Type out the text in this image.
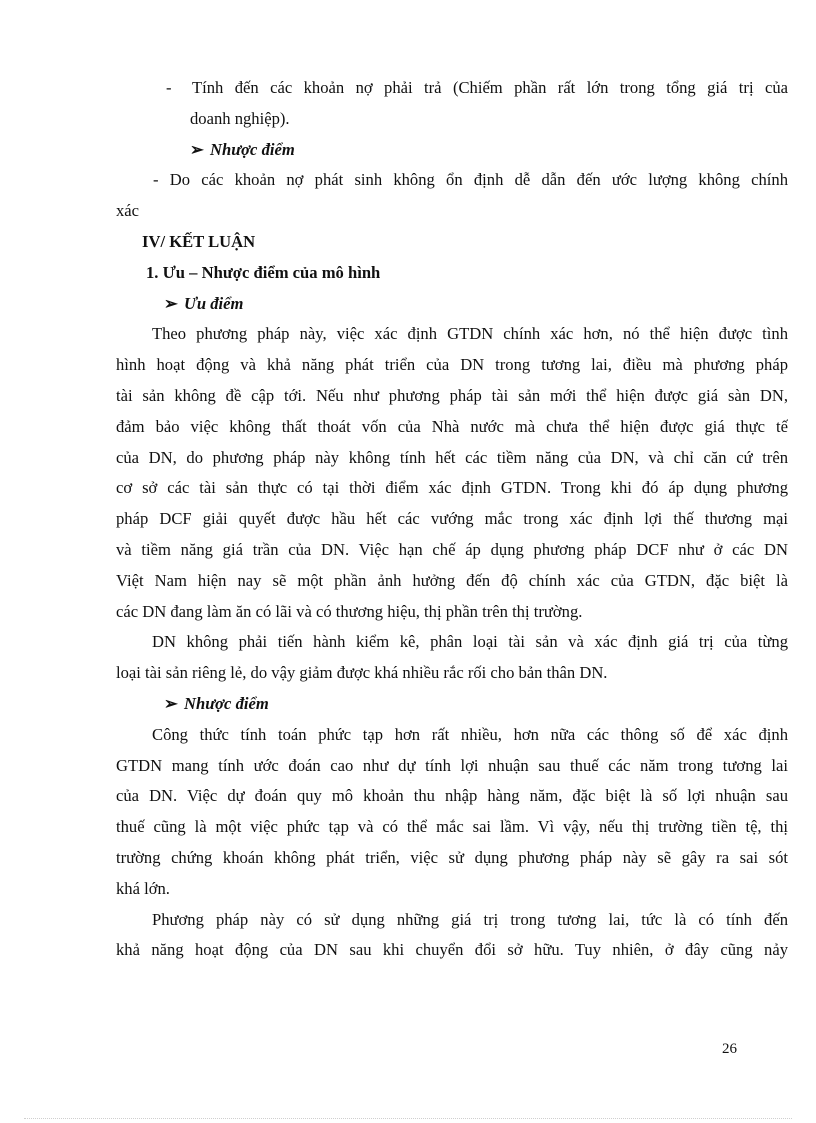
- Tính đến các khoản nợ phải trả (Chiếm phần rất lớn trong tổng giá trị của
doanh nghiệp).
➢ Nhược điểm
- Do các khoản nợ phát sinh không ổn định dễ dẫn đến ước lượng không chính
xác
IV/ KẾT LUẬN
1. Ưu – Nhược điểm của mô hình
➢ Ưu điểm
Theo phương pháp này, việc xác định GTDN chính xác hơn, nó thể hiện được tình
hình hoạt động và khả năng phát triển của DN trong tương lai, điều mà phương pháp
tài sản không đề cập tới. Nếu như phương pháp tài sản mới thể hiện được giá sàn DN,
đảm bảo việc không thất thoát vốn của Nhà nước mà chưa thể hiện được giá thực tế
của DN, do phương pháp này không tính hết các tiềm năng của DN, và chỉ căn cứ trên
cơ sở các tài sản thực có tại thời điểm xác định GTDN. Trong khi đó áp dụng phương
pháp DCF giải quyết được hầu hết các vướng mắc trong xác định lợi thế thương mại
và tiềm năng giá trần của DN. Việc hạn chế áp dụng phương pháp DCF như ở các DN
Việt Nam hiện nay sẽ một phần ảnh hưởng đến độ chính xác của GTDN, đặc biệt là
các DN đang làm ăn có lãi và có thương hiệu, thị phần trên thị trường.
DN không phải tiến hành kiểm kê, phân loại tài sản và xác định giá trị của từng
loại tài sản riêng lẻ, do vậy giảm được khá nhiều rắc rối cho bản thân DN.
➢ Nhược điểm
Công thức tính toán phức tạp hơn rất nhiều, hơn nữa các thông số để xác định
GTDN mang tính ước đoán cao như dự tính lợi nhuận sau thuế các năm trong tương lai
của DN. Việc dự đoán quy mô khoản thu nhập hàng năm, đặc biệt là số lợi nhuận sau
thuế cũng là một việc phức tạp và có thể mắc sai lầm. Vì vậy, nếu thị trường tiền tệ, thị
trường chứng khoán không phát triển, việc sử dụng phương pháp này sẽ gây ra sai sót
khá lớn.
Phương pháp này có sử dụng những giá trị trong tương lai, tức là có tính đến
khả năng hoạt động của DN sau khi chuyển đổi sở hữu. Tuy nhiên, ở đây cũng nảy
26
